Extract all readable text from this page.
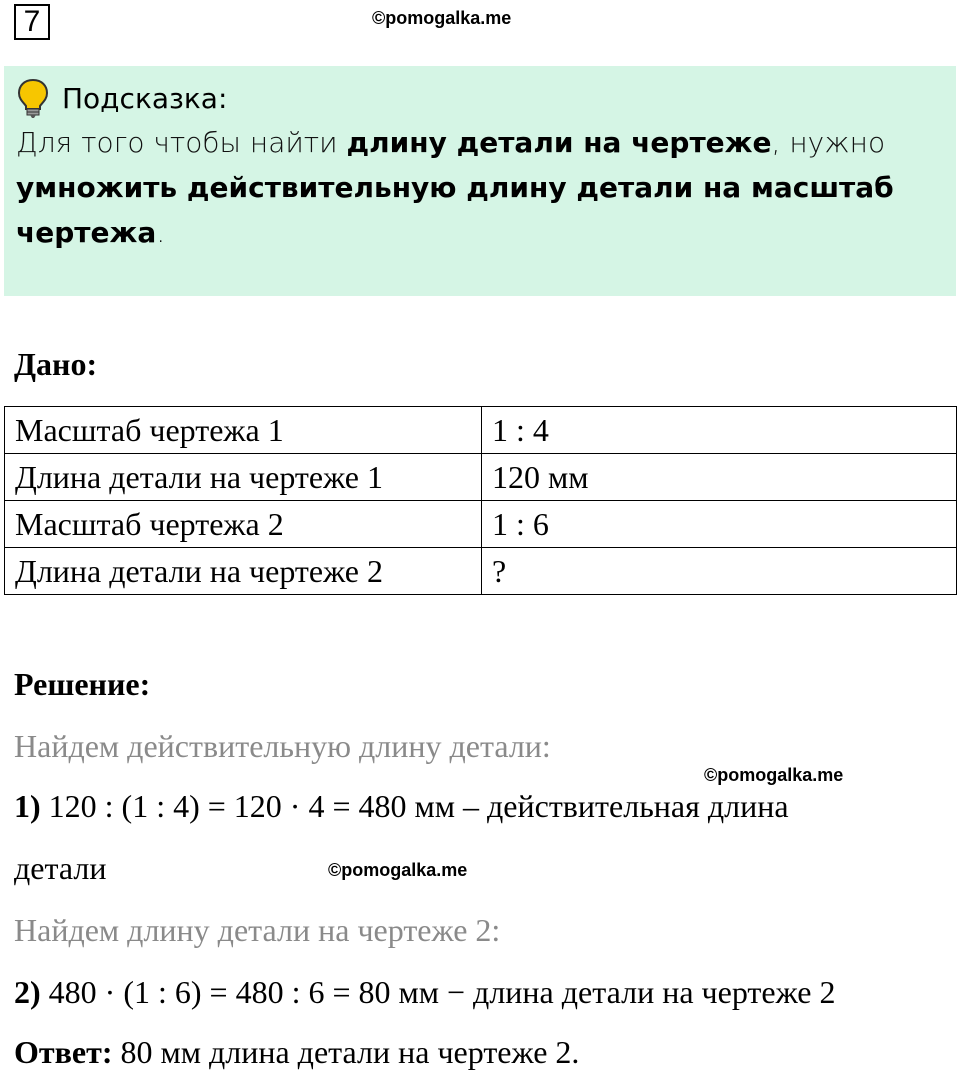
7	©pomogalka.me
Подсказка:
Для того чтобы найти длину детали на чертеже, нужно умножить действительную длину детали на масштаб чертежа.
Дано:
Масштаб чертежа 1	1 : 4
Длина детали на чертеже 1	120 мм
Масштаб чертежа 2	1 : 6
Длина детали на чертеже 2	?
Решение:
Найдем действительную длину детали:
©pomogalka.me
1) 120 : (1 : 4) = 120 · 4 = 480 мм – действительная длина
детали	©pomogalka.me
Найдем длину детали на чертеже 2:
2) 480 · (1 : 6) = 480 : 6 = 80 мм − длина детали на чертеже 2
Ответ: 80 мм длина детали на чертеже 2.
